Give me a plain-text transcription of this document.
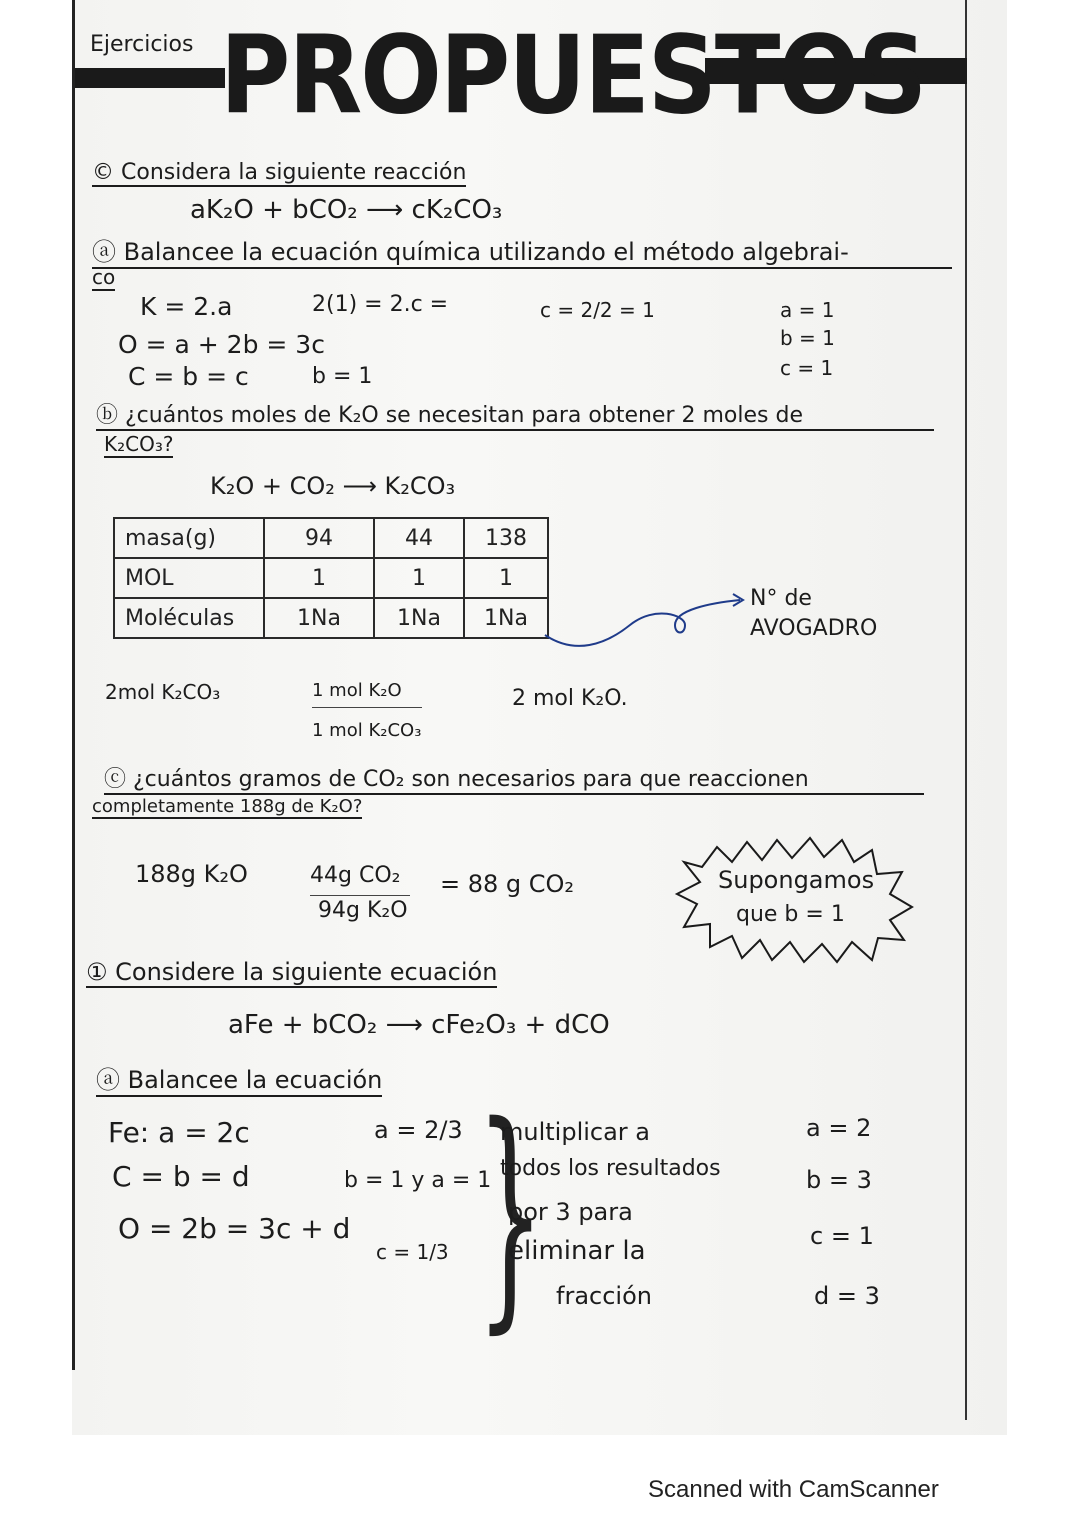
Ejercicios PROPUESTOS
© Considera la siguiente reacción
aK₂O + bCO₂ ⟶ cK₂CO₃
ⓐ Balancee la ecuación química utilizando el método algebrai-
co
K = 2.a
O = a + 2b = 3c
C = b = c
2(1) = 2.c =
b = 1
c = 2/2 = 1	a = 1
b = 1
c = 1
ⓑ ¿cuántos moles de K₂O se necesitan para obtener 2 moles de
K₂CO₃?
K₂O + CO₂ ⟶ K₂CO₃
masa(g)	94	44	138
MOL	1	1	1
Moléculas	1Na	1Na	1Na
N° de AVOGADRO
2mol K₂CO₃	1 mol K₂O
1 mol K₂CO₃
2 mol K₂O.
ⓒ ¿cuántos gramos de CO₂ son necesarios para que reaccionen
completamente 188g de K₂O?
188g K₂O	44g CO₂
94g K₂O
= 88 g CO₂	Supongamos
que b = 1
① Considere la siguiente ecuación
aFe + bCO₂ ⟶ cFe₂O₃ + dCO
ⓐ Balancee la ecuación
Fe: a = 2c
C = b = d
O = 2b = 3c + d
a = 2/3
b = 1 y a = 1
c = 1/3 }
multiplicar a
todos los resultados
por 3 para
eliminar la
fracción
a = 2
b = 3
c = 1
d = 3
Scanned with CamScanner
